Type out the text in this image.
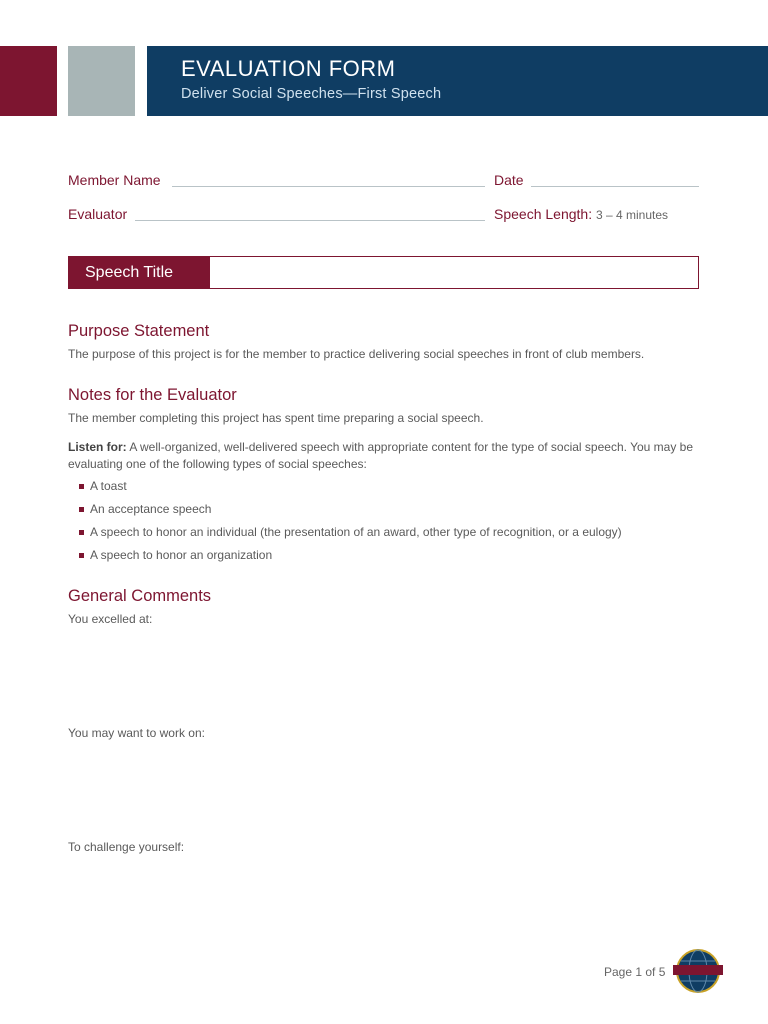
EVALUATION FORM
Deliver Social Speeches—First Speech
Member Name	Date
Evaluator	Speech Length: 3 – 4 minutes
Speech Title
Purpose Statement
The purpose of this project is for the member to practice delivering social speeches in front of club members.
Notes for the Evaluator
The member completing this project has spent time preparing a social speech.
Listen for: A well-organized, well-delivered speech with appropriate content for the type of social speech. You may be evaluating one of the following types of social speeches:
A toast
An acceptance speech
A speech to honor an individual (the presentation of an award, other type of recognition, or a eulogy)
A speech to honor an organization
General Comments
You excelled at:
You may want to work on:
To challenge yourself:
Page 1 of 5
